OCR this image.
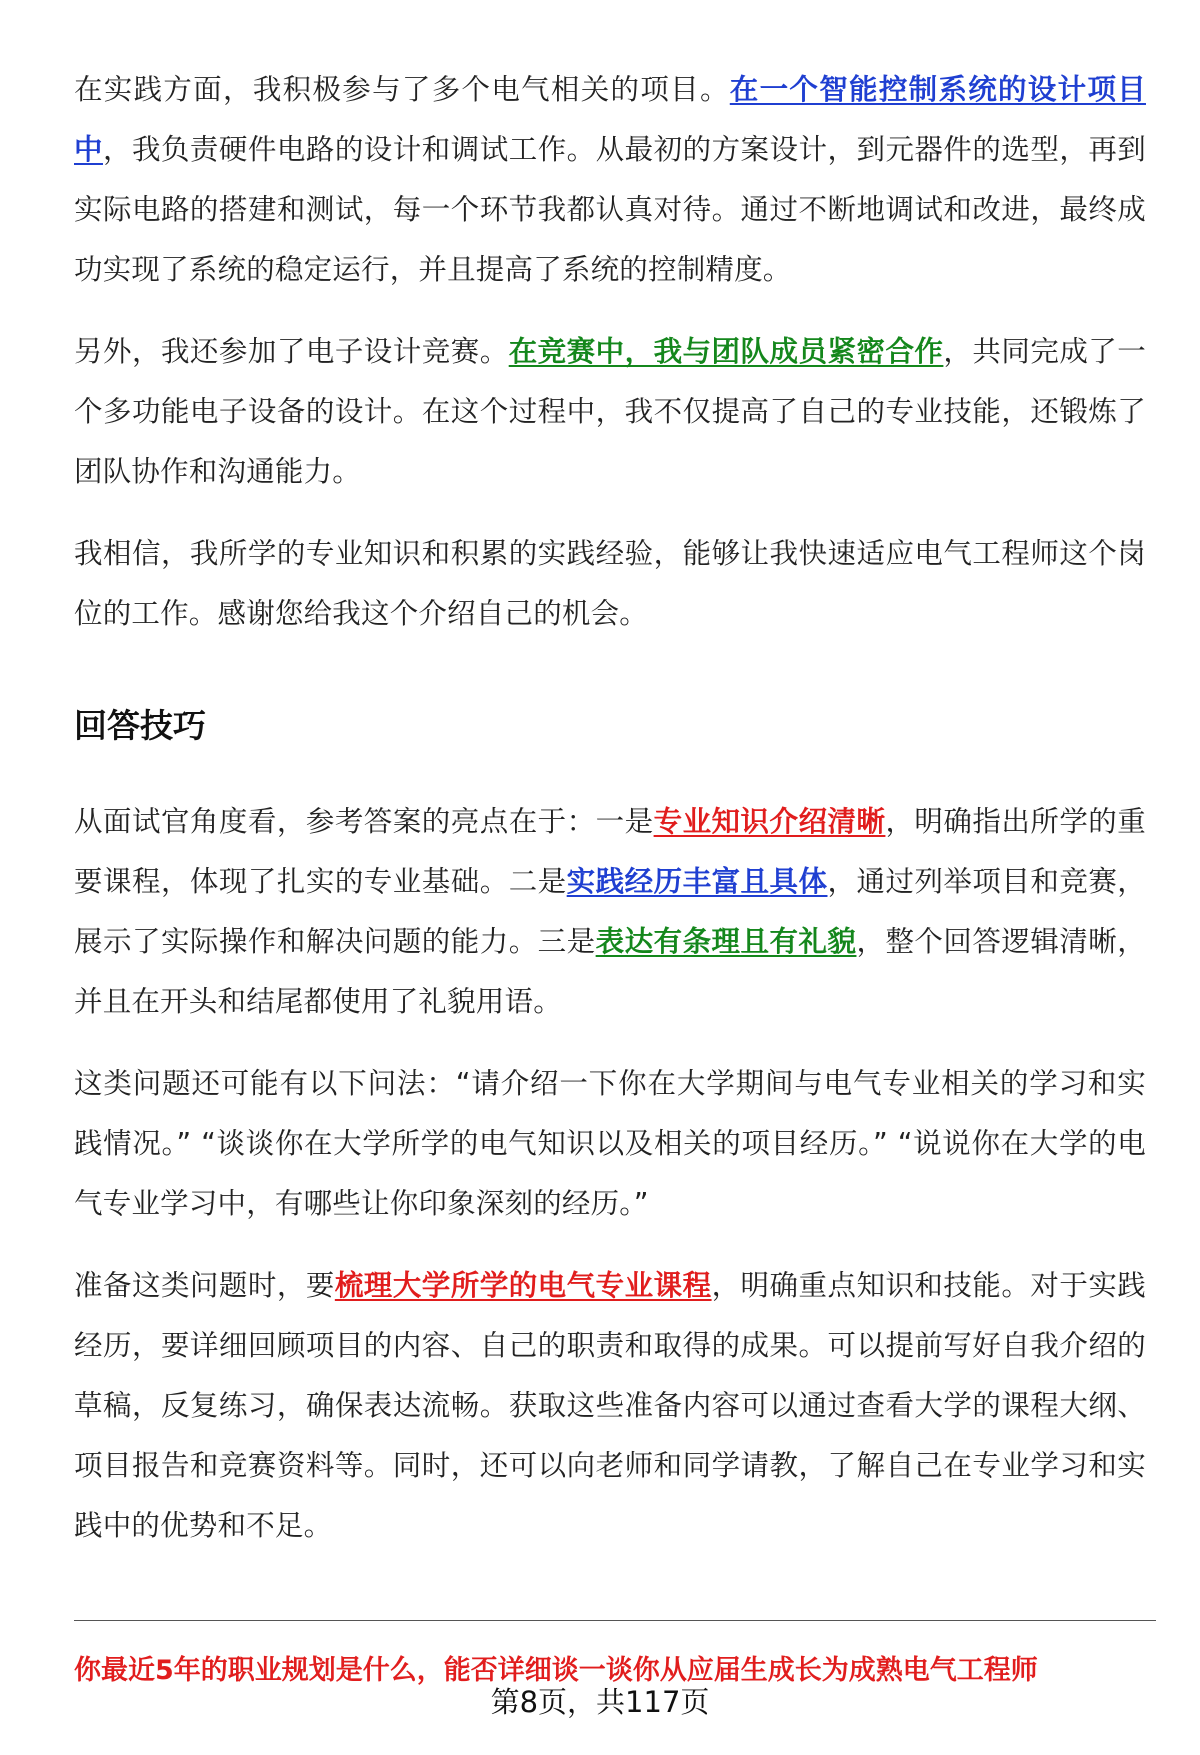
在实践方面，我积极参与了多个电气相关的项目。在一个智能控制系统的设计项目中，我负责硬件电路的设计和调试工作。从最初的方案设计，到元器件的选型，再到实际电路的搭建和测试，每一个环节我都认真对待。通过不断地调试和改进，最终成功实现了系统的稳定运行，并且提高了系统的控制精度。

另外，我还参加了电子设计竞赛。在竞赛中，我与团队成员紧密合作，共同完成了一个多功能电子设备的设计。在这个过程中，我不仅提高了自己的专业技能，还锻炼了团队协作和沟通能力。

我相信，我所学的专业知识和积累的实践经验，能够让我快速适应电气工程师这个岗位的工作。感谢您给我这个介绍自己的机会。

回答技巧

从面试官角度看，参考答案的亮点在于：一是专业知识介绍清晰，明确指出所学的重要课程，体现了扎实的专业基础。二是实践经历丰富且具体，通过列举项目和竞赛，展示了实际操作和解决问题的能力。三是表达有条理且有礼貌，整个回答逻辑清晰，并且在开头和结尾都使用了礼貌用语。

这类问题还可能有以下问法：“请介绍一下你在大学期间与电气专业相关的学习和实践情况。” “谈谈你在大学所学的电气知识以及相关的项目经历。” “说说你在大学的电气专业学习中，有哪些让你印象深刻的经历。”

准备这类问题时，要梳理大学所学的电气专业课程，明确重点知识和技能。对于实践经历，要详细回顾项目的内容、自己的职责和取得的成果。可以提前写好自我介绍的草稿，反复练习，确保表达流畅。获取这些准备内容可以通过查看大学的课程大纲、项目报告和竞赛资料等。同时，还可以向老师和同学请教，了解自己在专业学习和实践中的优势和不足。

你最近5年的职业规划是什么，能否详细谈一谈你从应届生成长为成熟电气工程师
第8页，共117页
